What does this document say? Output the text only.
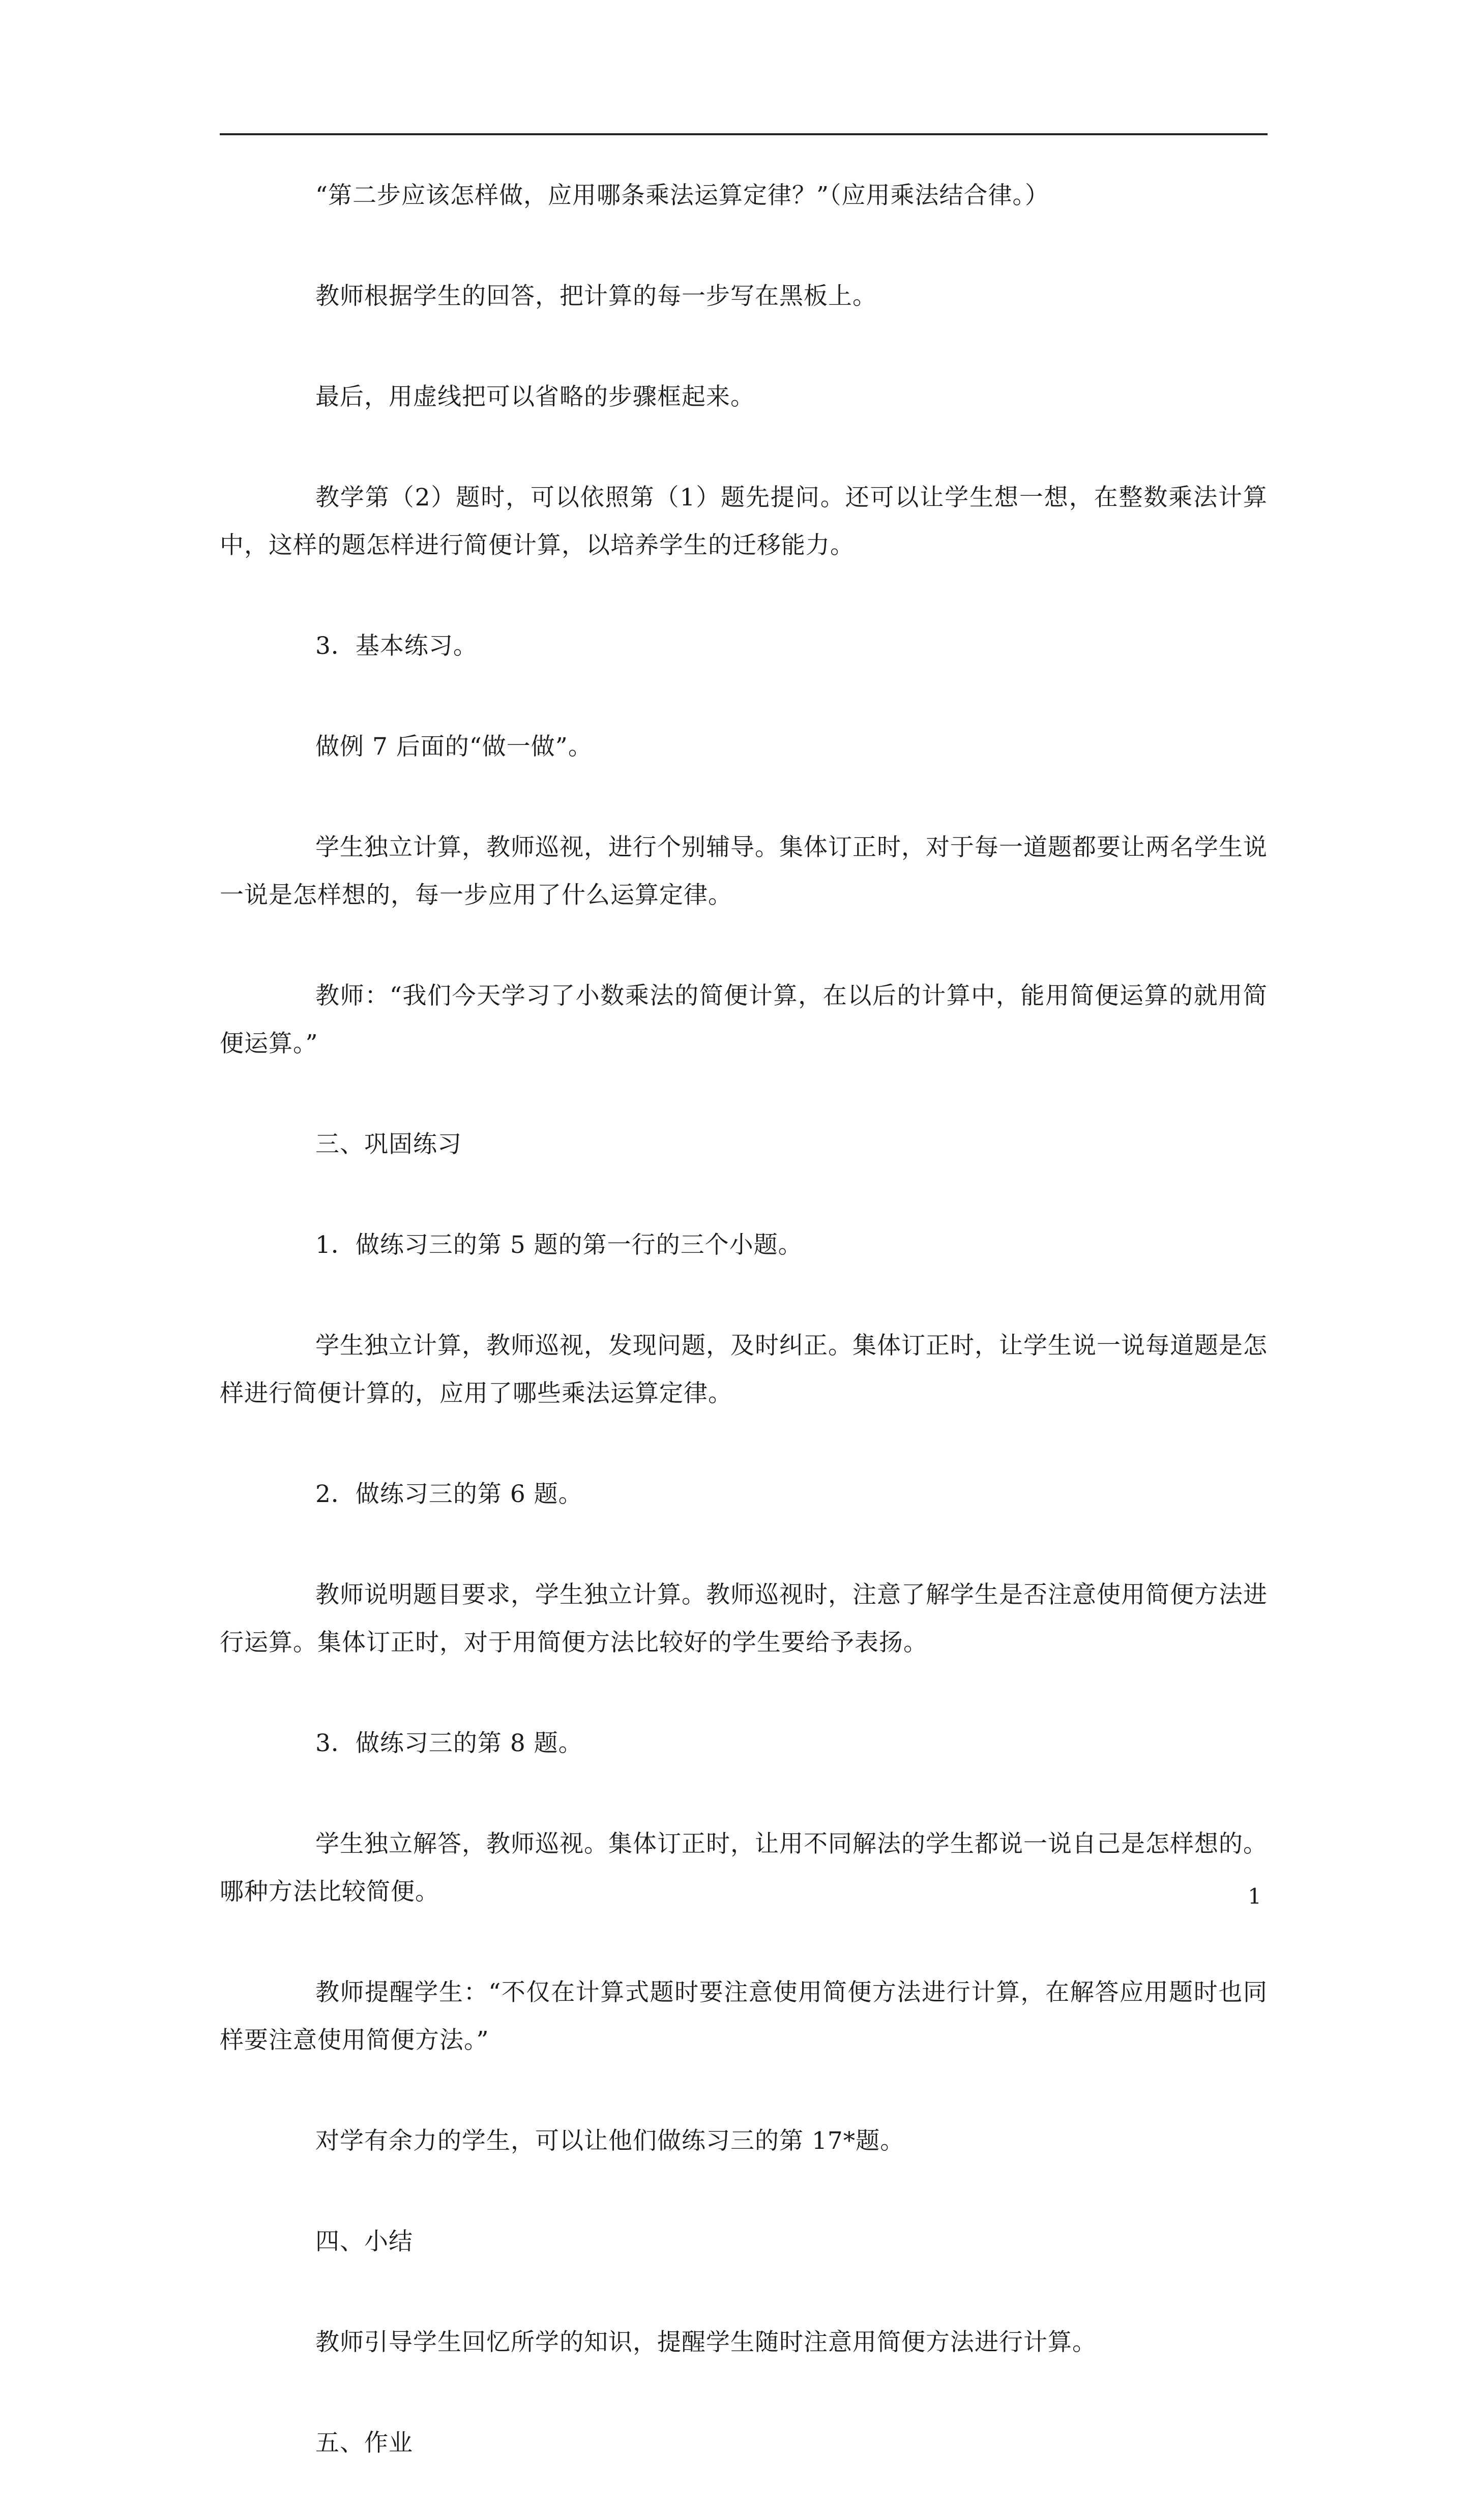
“第二步应该怎样做，应用哪条乘法运算定律？”（应用乘法结合律。）

教师根据学生的回答，把计算的每一步写在黑板上。

最后，用虚线把可以省略的步骤框起来。

教学第（2）题时，可以依照第（1）题先提问。还可以让学生想一想，在整数乘法计算中，这样的题怎样进行简便计算，以培养学生的迁移能力。

3．基本练习。

做例 7 后面的“做一做”。

学生独立计算，教师巡视，进行个别辅导。集体订正时，对于每一道题都要让两名学生说一说是怎样想的，每一步应用了什么运算定律。

教师：“我们今天学习了小数乘法的简便计算，在以后的计算中，能用简便运算的就用简便运算。”

三、巩固练习

1．做练习三的第 5 题的第一行的三个小题。

学生独立计算，教师巡视，发现问题，及时纠正。集体订正时，让学生说一说每道题是怎样进行简便计算的，应用了哪些乘法运算定律。

2．做练习三的第 6 题。

教师说明题目要求，学生独立计算。教师巡视时，注意了解学生是否注意使用简便方法进行运算。集体订正时，对于用简便方法比较好的学生要给予表扬。

3．做练习三的第 8 题。

学生独立解答，教师巡视。集体订正时，让用不同解法的学生都说一说自己是怎样想的。哪种方法比较简便。

教师提醒学生：“不仅在计算式题时要注意使用简便方法进行计算，在解答应用题时也同样要注意使用简便方法。”

对学有余力的学生，可以让他们做练习三的第 17*题。

四、小结

教师引导学生回忆所学的知识，提醒学生随时注意用简便方法进行计算。

五、作业

1
